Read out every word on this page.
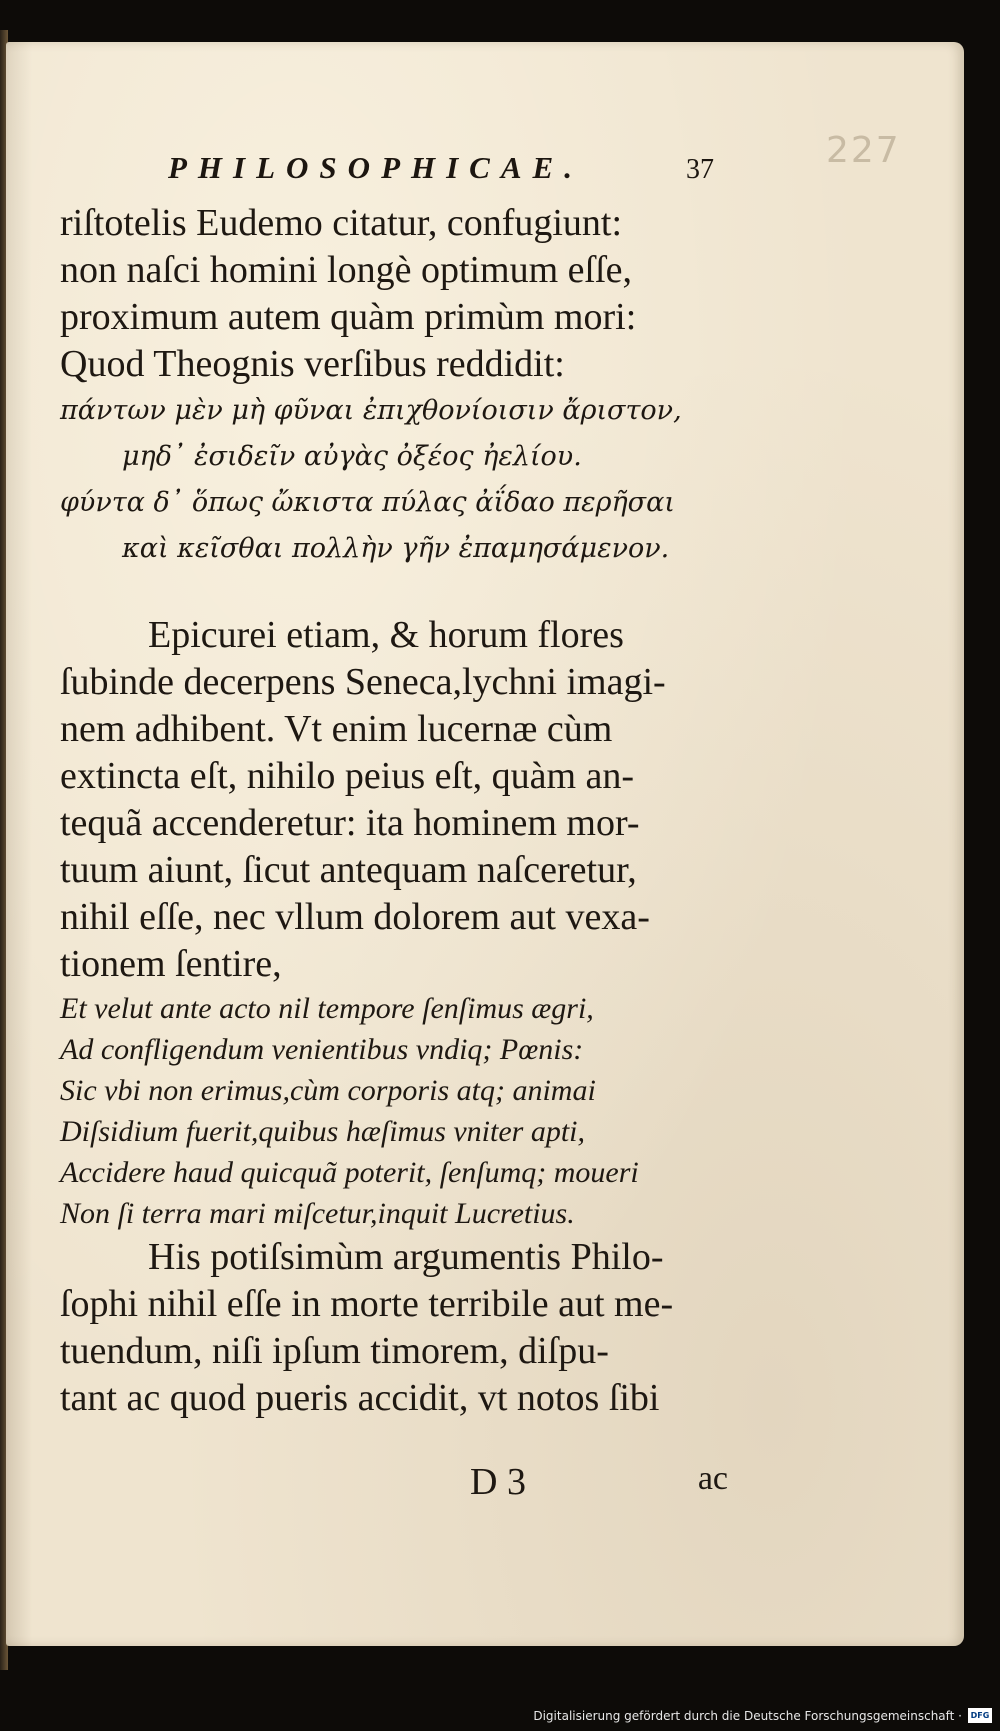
227
PHILOSOPHICAE.	37
riſtotelis Eudemo citatur, confugiunt:
non naſci homini longè optimum eſſe,
proximum autem quàm primùm mori:
Quod Theognis verſibus reddidit:
πάντων μὲν μὴ φῦναι ἐπιχθονίοισιν ἄριστον,
μηδ᾽ ἐσιδεῖν αὐγὰς ὀξέος ἠελίου.
φύντα δ᾽ ὅπως ὤκιστα πύλας ἀΐδαο περῆσαι
καὶ κεῖσθαι πολλὴν γῆν ἐπαμησάμενον.
Epicurei etiam, & horum flores
ſubinde decerpens Seneca,lychni imagi-
nem adhibent. Vt enim lucernæ cùm
extincta eſt, nihilo peius eſt, quàm an-
tequã accenderetur: ita hominem mor-
tuum aiunt, ſicut antequam naſceretur,
nihil eſſe, nec vllum dolorem aut vexa-
tionem ſentire,
Et velut ante acto nil tempore ſenſimus ægri,
Ad confligendum venientibus vndiq; Pœnis:
Sic vbi non erimus,cùm corporis atq; animai
Diſsidium fuerit,quibus hæſimus vniter apti,
Accidere haud quicquã poterit, ſenſumq; moueri
Non ſi terra mari miſcetur,inquit Lucretius.
His potiſsimùm argumentis Philo-
ſophi nihil eſſe in morte terribile aut me-
tuendum, niſi ipſum timorem, diſpu-
tant ac quod pueris accidit, vt notos ſibi
D 3	ac

Digitalisierung gefördert durch die Deutsche Forschungsgemeinschaft ·	DFG
